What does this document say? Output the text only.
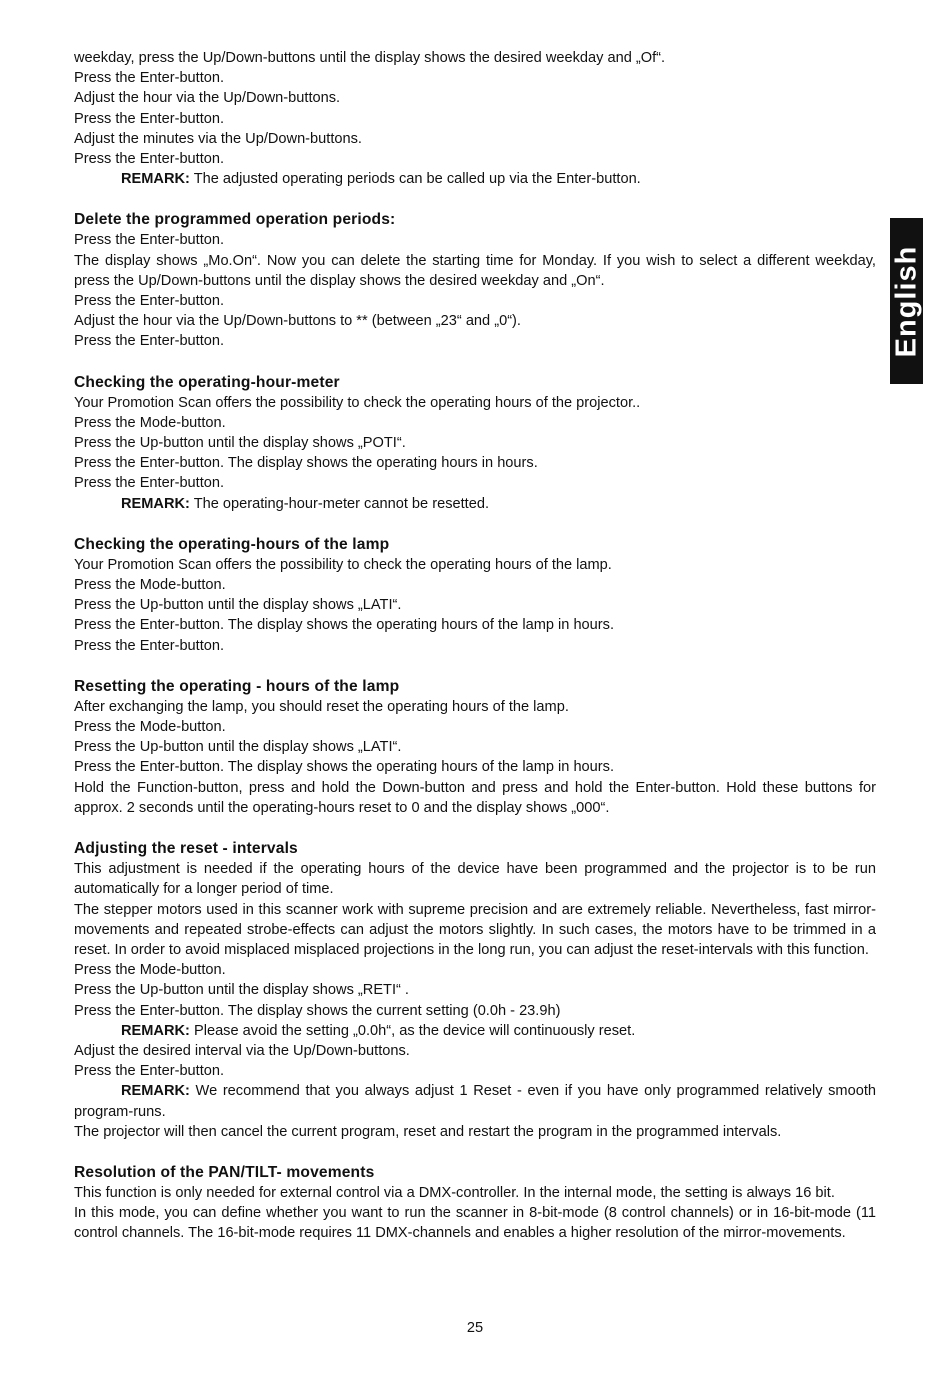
English
weekday, press the Up/Down-buttons until the display shows the desired weekday and „Of“.
Press the Enter-button.
Adjust the hour via the Up/Down-buttons.
Press the Enter-button.
Adjust the minutes via the Up/Down-buttons.
Press the Enter-button.
REMARK: The adjusted operating periods can be called up via the Enter-button.
Delete the programmed operation periods:
Press the Enter-button.
The display shows „Mo.On“. Now you can delete the starting time for Monday. If you wish to select a different weekday, press the Up/Down-buttons until the display shows the desired weekday and „On“.
Press the Enter-button.
Adjust the hour via the Up/Down-buttons to ** (between „23“ and „0“).
Press the Enter-button.
Checking the operating-hour-meter
Your Promotion Scan offers the possibility to check the operating hours of the projector..
Press the Mode-button.
Press the Up-button until the display shows „POTI“.
Press the Enter-button. The display shows the operating hours in hours.
Press the Enter-button.
REMARK: The operating-hour-meter cannot be resetted.
Checking the operating-hours of the lamp
Your Promotion Scan offers the possibility to check the operating hours of the lamp.
Press the Mode-button.
Press the Up-button until the display shows „LATI“.
Press the Enter-button. The display shows the operating hours of the lamp in hours.
Press the Enter-button.
Resetting the operating - hours of the lamp
After exchanging the lamp, you should reset the operating hours of the lamp.
Press the Mode-button.
Press the Up-button until the display shows „LATI“.
Press the Enter-button. The display shows the operating hours of the lamp in hours.
Hold the Function-button, press and hold the Down-button and press and hold the Enter-button. Hold these buttons for approx. 2 seconds until the operating-hours reset to 0 and the display shows „000“.
Adjusting the reset - intervals
This adjustment is needed if the operating hours of the device have been programmed and the projector is to be run automatically for a longer period of time.
The stepper motors used in this scanner work with supreme precision and are extremely reliable. Nevertheless, fast mirror-movements and repeated strobe-effects can adjust the motors slightly. In such cases, the motors have to be trimmed in a reset. In order to avoid misplaced misplaced projections in the long run, you can adjust the reset-intervals with this function.
Press the Mode-button.
Press the Up-button until the display shows „RETI“ .
Press the Enter-button. The display shows the current setting (0.0h - 23.9h)
REMARK: Please avoid the setting „0.0h“, as the device will continuously reset.
Adjust the desired interval via the Up/Down-buttons.
Press the Enter-button.
REMARK: We recommend that you always adjust 1 Reset - even if you have only programmed relatively smooth program-runs.
The projector will then cancel the current program, reset and restart the program in the programmed intervals.
Resolution of the PAN/TILT- movements
This function is only needed for external control via a DMX-controller. In the internal mode, the setting is always 16 bit.
In this mode, you can define whether you want to run the scanner in 8-bit-mode (8 control channels) or in 16-bit-mode (11 control channels. The 16-bit-mode requires 11 DMX-channels and enables a higher resolution of the mirror-movements.
25
